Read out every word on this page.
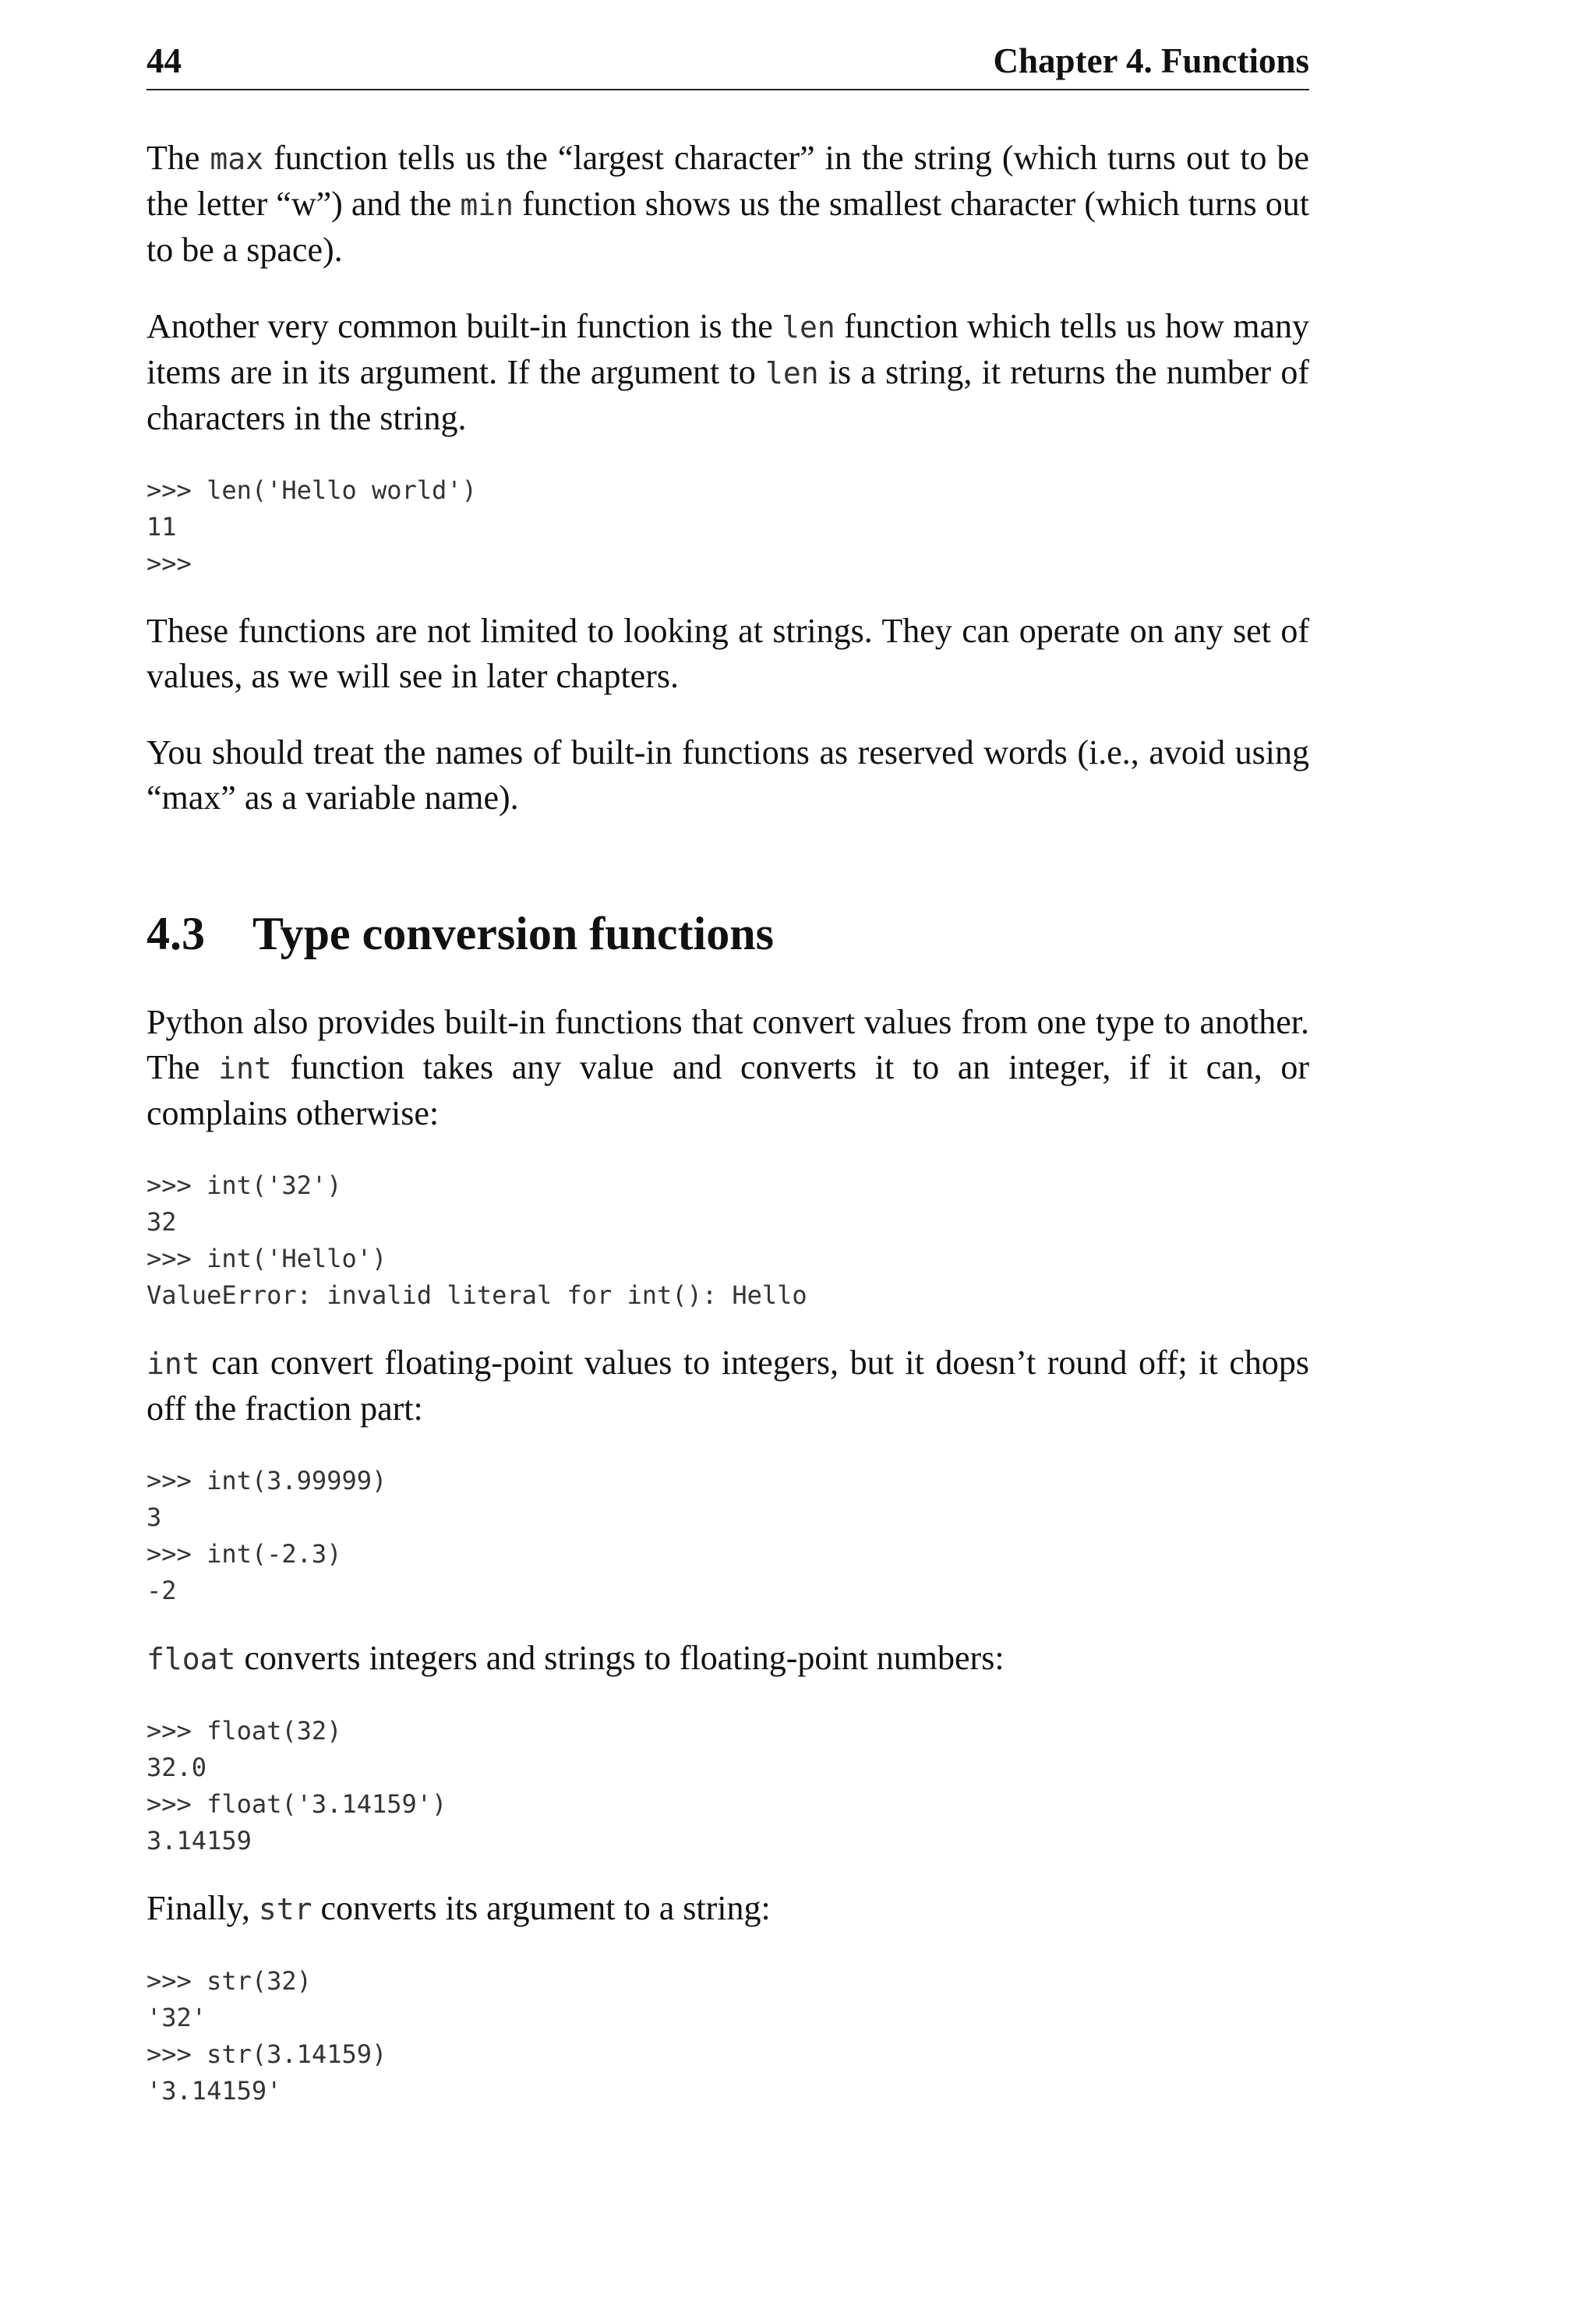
44	Chapter 4. Functions

The max function tells us the “largest character” in the string (which turns out to be the letter “w”) and the min function shows us the smallest character (which turns out to be a space).

Another very common built-in function is the len function which tells us how many items are in its argument. If the argument to len is a string, it returns the number of characters in the string.

>>> len('Hello world')
11
>>>

These functions are not limited to looking at strings. They can operate on any set of values, as we will see in later chapters.

You should treat the names of built-in functions as reserved words (i.e., avoid using “max” as a variable name).

4.3 Type conversion functions

Python also provides built-in functions that convert values from one type to another. The int function takes any value and converts it to an integer, if it can, or complains otherwise:

>>> int('32')
32
>>> int('Hello')
ValueError: invalid literal for int(): Hello

int can convert floating-point values to integers, but it doesn’t round off; it chops off the fraction part:

>>> int(3.99999)
3
>>> int(-2.3)
-2

float converts integers and strings to floating-point numbers:

>>> float(32)
32.0
>>> float('3.14159')
3.14159

Finally, str converts its argument to a string:

>>> str(32)
'32'
>>> str(3.14159)
'3.14159'
